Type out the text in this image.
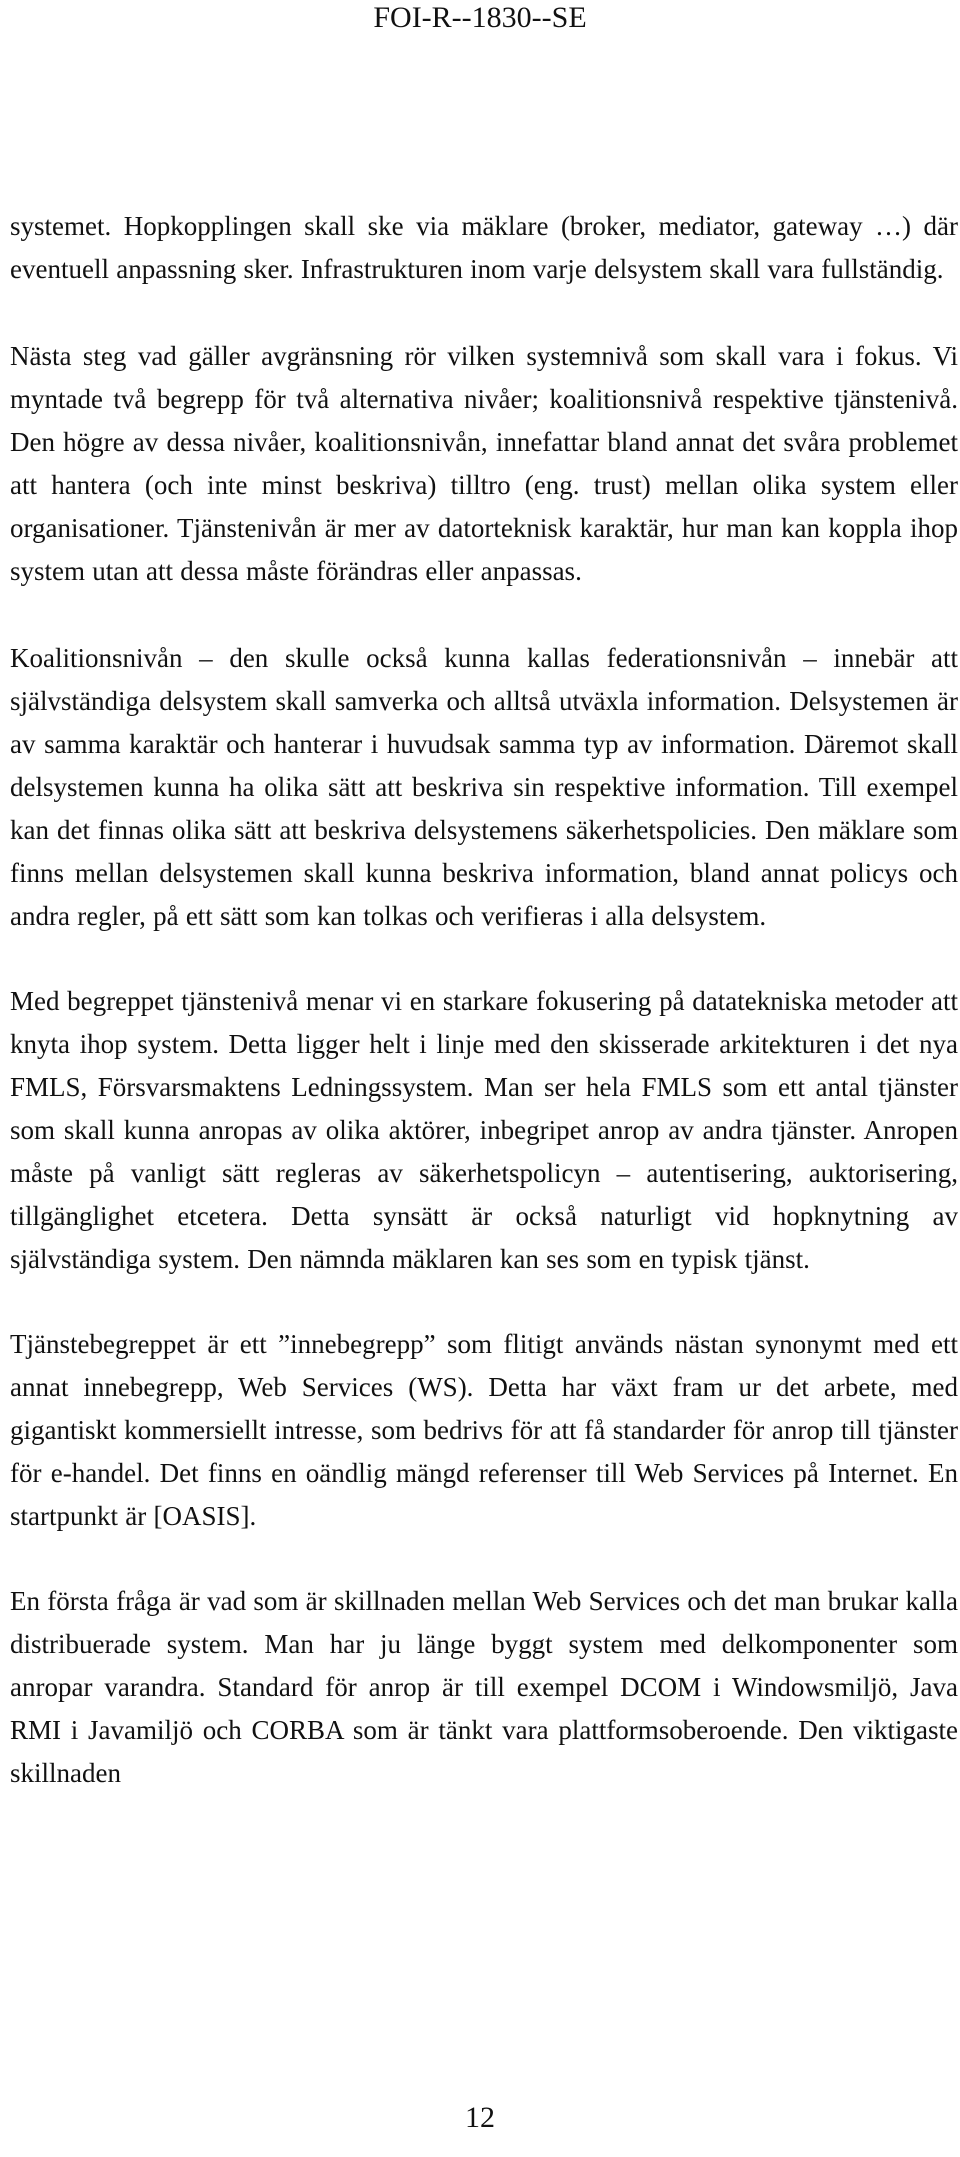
FOI-R--1830--SE

systemet. Hopkopplingen skall ske via mäklare (broker, mediator, gateway …) där eventuell anpassning sker. Infrastrukturen inom varje delsystem skall vara fullständig.

Nästa steg vad gäller avgränsning rör vilken systemnivå som skall vara i fokus. Vi myntade två begrepp för två alternativa nivåer; koalitionsnivå respektive tjänstenivå. Den högre av dessa nivåer, koalitionsnivån, innefattar bland annat det svåra problemet att hantera (och inte minst beskriva) tilltro (eng. trust) mellan olika system eller organisationer. Tjänstenivån är mer av datorteknisk karaktär, hur man kan koppla ihop system utan att dessa måste förändras eller anpassas.

Koalitionsnivån – den skulle också kunna kallas federationsnivån – innebär att självständiga delsystem skall samverka och alltså utväxla information. Delsystemen är av samma karaktär och hanterar i huvudsak samma typ av information. Däremot skall delsystemen kunna ha olika sätt att beskriva sin respektive information. Till exempel kan det finnas olika sätt att beskriva delsystemens säkerhetspolicies. Den mäklare som finns mellan delsystemen skall kunna beskriva information, bland annat policys och andra regler, på ett sätt som kan tolkas och verifieras i alla delsystem.

Med begreppet tjänstenivå menar vi en starkare fokusering på datatekniska metoder att knyta ihop system. Detta ligger helt i linje med den skisserade arkitekturen i det nya FMLS, Försvarsmaktens Ledningssystem. Man ser hela FMLS som ett antal tjänster som skall kunna anropas av olika aktörer, inbegripet anrop av andra tjänster. Anropen måste på vanligt sätt regleras av säkerhetspolicyn – autentisering, auktorisering, tillgänglighet etcetera. Detta synsätt är också naturligt vid hopknytning av självständiga system. Den nämnda mäklaren kan ses som en typisk tjänst.

Tjänstebegreppet är ett ”innebegrepp” som flitigt används nästan synonymt med ett annat innebegrepp, Web Services (WS). Detta har växt fram ur det arbete, med gigantiskt kommersiellt intresse, som bedrivs för att få standarder för anrop till tjänster för e-handel. Det finns en oändlig mängd referenser till Web Services på Internet. En startpunkt är [OASIS].

En första fråga är vad som är skillnaden mellan Web Services och det man brukar kalla distribuerade system. Man har ju länge byggt system med delkomponenter som anropar varandra. Standard för anrop är till exempel DCOM i Windowsmiljö, Java RMI i Javamiljö och CORBA som är tänkt vara plattformsoberoende. Den viktigaste skillnaden

12
